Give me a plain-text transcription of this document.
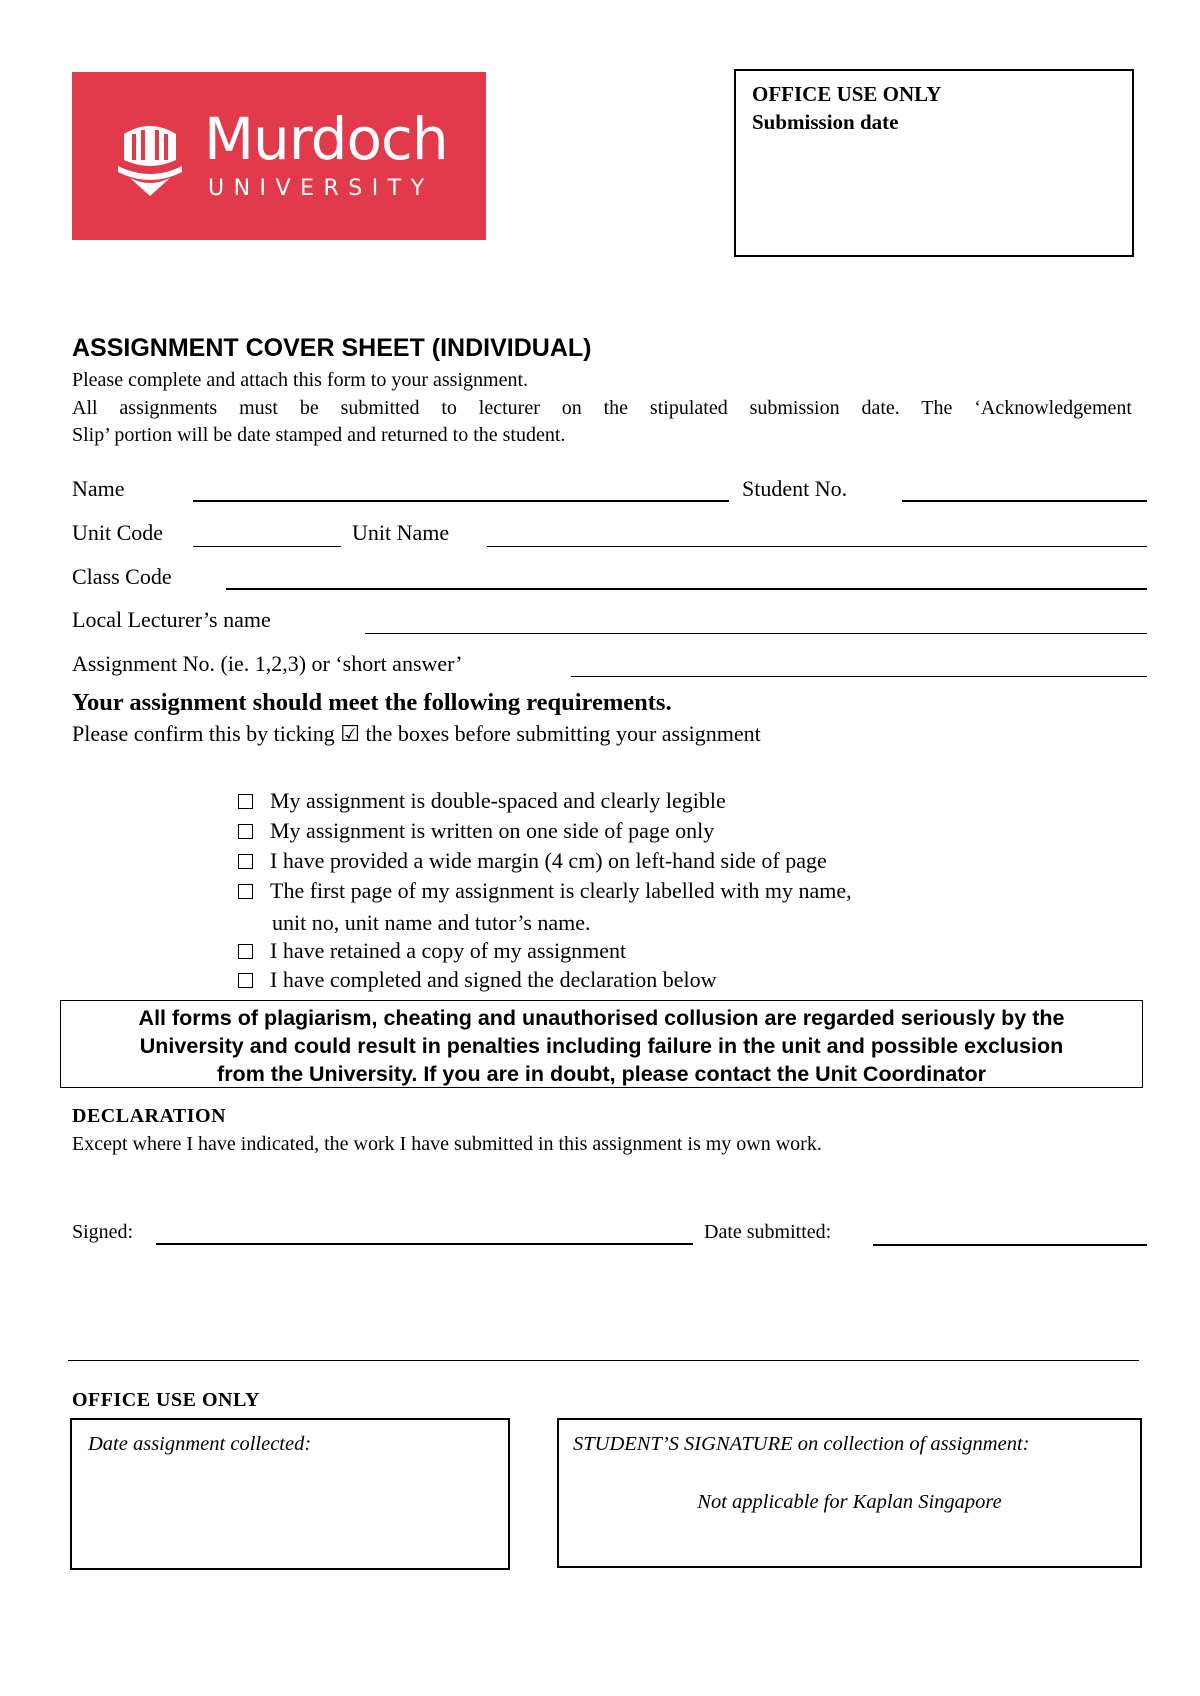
Murdoch
UNIVERSITY
OFFICE USE ONLY
Submission date
ASSIGNMENT COVER SHEET (INDIVIDUAL)
Please complete and attach this form to your assignment.
All assignments must be submitted to lecturer on the stipulated submission date. The ‘Acknowledgement
Slip’ portion will be date stamped and returned to the student.
Name	Student No.
Unit Code	Unit Name
Class Code
Local Lecturer’s name
Assignment No. (ie. 1,2,3) or ‘short answer’
Your assignment should meet the following requirements.
Please confirm this by ticking ☑ the boxes before submitting your assignment
My assignment is double-spaced and clearly legible
My assignment is written on one side of page only
I have provided a wide margin (4 cm) on left-hand side of page
The first page of my assignment is clearly labelled with my name,
unit no, unit name and tutor’s name.
I have retained a copy of my assignment
I have completed and signed the declaration below
All forms of plagiarism, cheating and unauthorised collusion are regarded seriously by the
University and could result in penalties including failure in the unit and possible exclusion
from the University. If you are in doubt, please contact the Unit Coordinator
DECLARATION
Except where I have indicated, the work I have submitted in this assignment is my own work.
Signed:	Date submitted:
OFFICE USE ONLY
Date assignment collected:	STUDENT’S SIGNATURE on collection of assignment:
Not applicable for Kaplan Singapore
